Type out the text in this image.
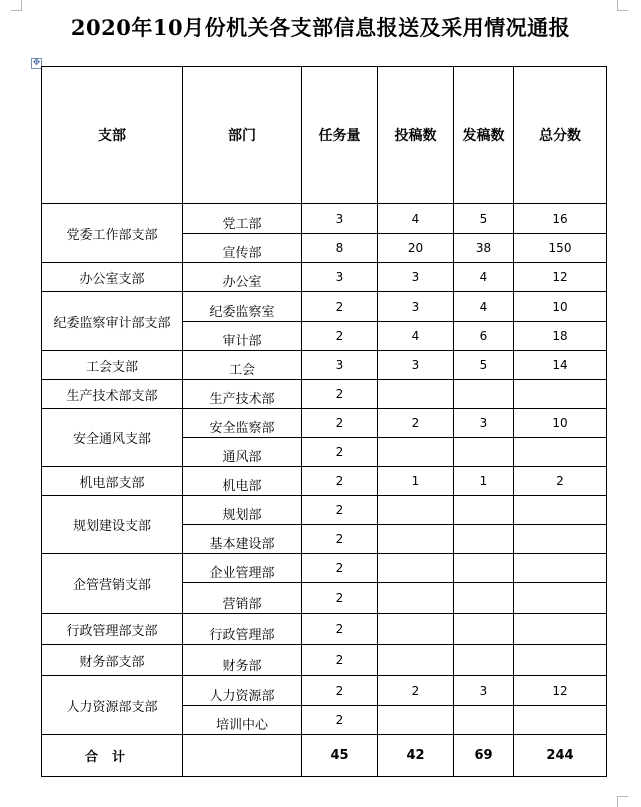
2020年10月份机关各支部信息报送及采用情况通报
✥
支部	部门	任务量	投稿数	发稿数	总分数
党委工作部支部	党工部	3	4	5	16
	宣传部	8	20	38	150
办公室支部	办公室	3	3	4	12
纪委监察审计部支部	纪委监察室	2	3	4	10
	审计部	2	4	6	18
工会支部	工会	3	3	5	14
生产技术部支部	生产技术部	2			
安全通风支部	安全监察部	2	2	3	10
	通风部	2			
机电部支部	机电部	2	1	1	2
规划建设支部	规划部	2			
	基本建设部	2			
企管营销支部	企业管理部	2			
	营销部	2			
行政管理部支部	行政管理部	2			
财务部支部	财务部	2			
人力资源部支部	人力资源部	2	2	3	12
	培训中心	2			
合计		45	42	69	244
